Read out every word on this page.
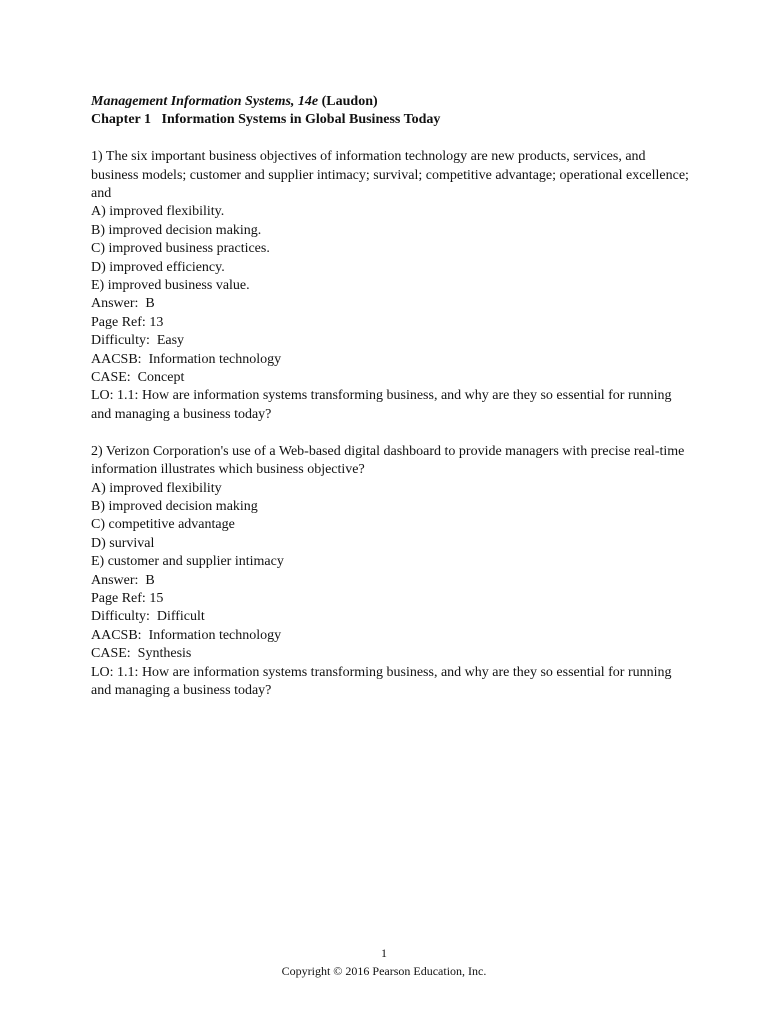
Management Information Systems, 14e (Laudon)

Chapter 1   Information Systems in Global Business Today

1) The six important business objectives of information technology are new products, services, and business models; customer and supplier intimacy; survival; competitive advantage; operational excellence; and

A) improved flexibility.

B) improved decision making.

C) improved business practices.

D) improved efficiency.

E) improved business value.

Answer:  B

Page Ref: 13

Difficulty:  Easy

AACSB:  Information technology

CASE:  Concept

LO: 1.1: How are information systems transforming business, and why are they so essential for running and managing a business today?

2) Verizon Corporation's use of a Web-based digital dashboard to provide managers with precise real-time information illustrates which business objective?

A) improved flexibility

B) improved decision making

C) competitive advantage

D) survival

E) customer and supplier intimacy

Answer:  B

Page Ref: 15

Difficulty:  Difficult

AACSB:  Information technology

CASE:  Synthesis

LO: 1.1: How are information systems transforming business, and why are they so essential for running and managing a business today?

1
Copyright © 2016 Pearson Education, Inc.
